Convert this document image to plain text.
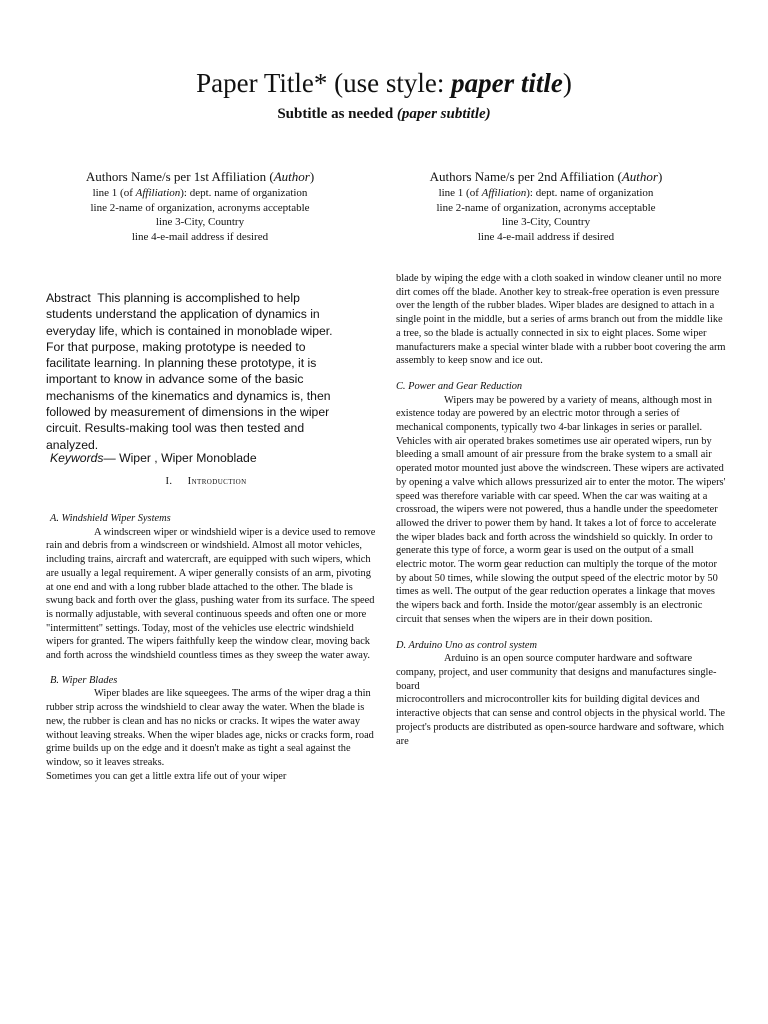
Paper Title* (use style: paper title)
Subtitle as needed (paper subtitle)
Authors Name/s per 1st Affiliation (Author)
line 1 (of Affiliation): dept. name of organization
line 2-name of organization, acronyms acceptable
line 3-City, Country
line 4-e-mail address if desired
Authors Name/s per 2nd Affiliation (Author)
line 1 (of Affiliation): dept. name of organization
line 2-name of organization, acronyms acceptable
line 3-City, Country
line 4-e-mail address if desired
Abstract This planning is accomplished to help students understand the application of dynamics in everyday life, which is contained in monoblade wiper. For that purpose, making prototype is needed to facilitate learning. In planning these prototype, it is important to know in advance some of the basic mechanisms of the kinematics and dynamics is, then followed by measurement of dimensions in the wiper circuit. Results-making tool was then tested and analyzed.
Keywords— Wiper , Wiper Monoblade
I. Introduction

A. Windshield Wiper Systems

A windscreen wiper or windshield wiper is a device used to remove rain and debris from a windscreen or windshield. Almost all motor vehicles, including trains, aircraft and watercraft, are equipped with such wipers, which are usually a legal requirement. A wiper generally consists of an arm, pivoting at one end and with a long rubber blade attached to the other. The blade is swung back and forth over the glass, pushing water from its surface. The speed is normally adjustable, with several continuous speeds and often one or more "intermittent" settings. Today, most of the vehicles use electric windshield wipers for granted. The wipers faithfully keep the window clear, moving back and forth across the windshield countless times as they sweep the water away.

B. Wiper Blades

Wiper blades are like squeegees. The arms of the wiper drag a thin rubber strip across the windshield to clear away the water. When the blade is new, the rubber is clean and has no nicks or cracks. It wipes the water away without leaving streaks. When the wiper blades age, nicks or cracks form, road grime builds up on the edge and it doesn't make as tight a seal against the window, so it leaves streaks.

Sometimes you can get a little extra life out of your wiper

blade by wiping the edge with a cloth soaked in window cleaner until no more dirt comes off the blade. Another key to streak-free operation is even pressure over the length of the rubber blades. Wiper blades are designed to attach in a single point in the middle, but a series of arms branch out from the middle like a tree, so the blade is actually connected in six to eight places. Some wiper manufacturers make a special winter blade with a rubber boot covering the arm assembly to keep snow and ice out.

C. Power and Gear Reduction

Wipers may be powered by a variety of means, although most in existence today are powered by an electric motor through a series of mechanical components, typically two 4-bar linkages in series or parallel. Vehicles with air operated brakes sometimes use air operated wipers, run by bleeding a small amount of air pressure from the brake system to a small air operated motor mounted just above the windscreen. These wipers are activated by opening a valve which allows pressurized air to enter the motor. The wipers' speed was therefore variable with car speed. When the car was waiting at a crossroad, the wipers were not powered, thus a handle under the speedometer allowed the driver to power them by hand. It takes a lot of force to accelerate the wiper blades back and forth across the windshield so quickly. In order to generate this type of force, a worm gear is used on the output of a small electric motor. The worm gear reduction can multiply the torque of the motor by about 50 times, while slowing the output speed of the electric motor by 50 times as well. The output of the gear reduction operates a linkage that moves the wipers back and forth. Inside the motor/gear assembly is an electronic circuit that senses when the wipers are in their down position.

D. Arduino Uno as control system

Arduino is an open source computer hardware and software company, project, and user community that designs and manufactures single-board

microcontrollers and microcontroller kits for building digital devices and interactive objects that can sense and control objects in the physical world. The project's products are distributed as open-source hardware and software, which are
